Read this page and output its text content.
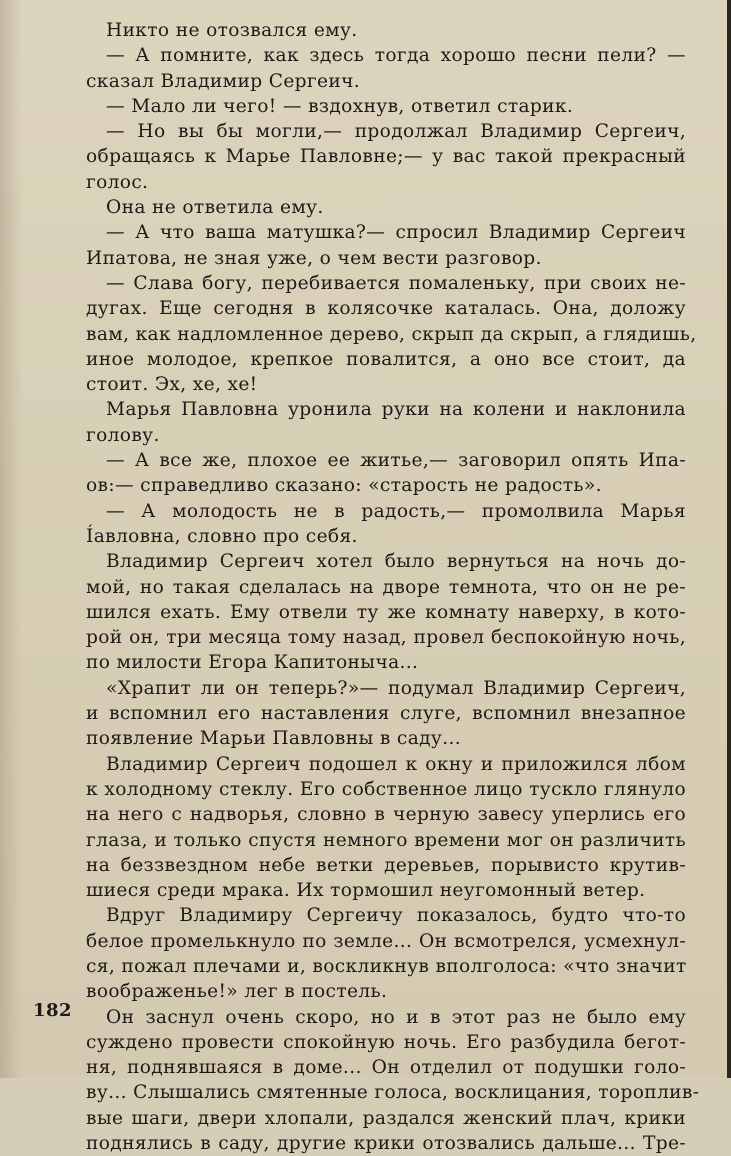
Никто не отозвался ему.
— А помните, как здесь тогда хорошо песни пели? —
сказал Владимир Сергеич.
— Мало ли чего! — вздохнув, ответил старик.
— Но вы бы могли,— продолжал Владимир Сергеич,
обращаясь к Марье Павловне;— у вас такой прекрасный
голос.
Она не ответила ему.
— А что ваша матушка?— спросил Владимир Сергеич
Ипатова, не зная уже, о чем вести разговор.
— Слава богу, перебивается помаленьку, при своих не-
дугах. Еще сегодня в колясочке каталась. Она, доложу
вам, как надломленное дерево, скрып да скрып, а глядишь,
иное молодое, крепкое повалится, а оно все стоит, да
стоит. Эх, хе, хе!
Марья Павловна уронила руки на колени и наклонила
голову.
— А все же, плохое ее житье,— заговорил опять Ипа-
ов:— справедливо сказано: «старость не радость».
— А молодость не в радость,— промолвила Марья
Íавловна, словно про себя.
Владимир Сергеич хотел было вернуться на ночь до-
мой, но такая сделалась на дворе темнота, что он не ре-
шился ехать. Ему отвели ту же комнату наверху, в кото-
рой он, три месяца тому назад, провел беспокойную ночь,
по милости Егора Капитоныча...
«Храпит ли он теперь?»— подумал Владимир Сергеич,
и вспомнил его наставления слуге, вспомнил внезапное
появление Марьи Павловны в саду...
Владимир Сергеич подошел к окну и приложился лбом
к холодному стеклу. Его собственное лицо тускло глянуло
на него с надворья, словно в черную завесу уперлись его
глаза, и только спустя немного времени мог он различить
на беззвездном небе ветки деревьев, порывисто крутив-
шиеся среди мрака. Их тормошил неугомонный ветер.
Вдруг Владимиру Сергеичу показалось, будто что-то
белое промелькнуло по земле... Он всмотрелся, усмехнул-
ся, пожал плечами и, воскликнув вполголоса: «что значит
воображенье!» лег в постель.
Он заснул очень скоро, но и в этот раз не было ему
суждено провести спокойную ночь. Его разбудила бегот-
ня, поднявшаяся в доме... Он отделил от подушки голо-
ву... Слышались смятенные голоса, восклицания, тороплив-
вые шаги, двери хлопали, раздался женский плач, крики
поднялись в саду, другие крики отозвались дальше... Тре-
182
